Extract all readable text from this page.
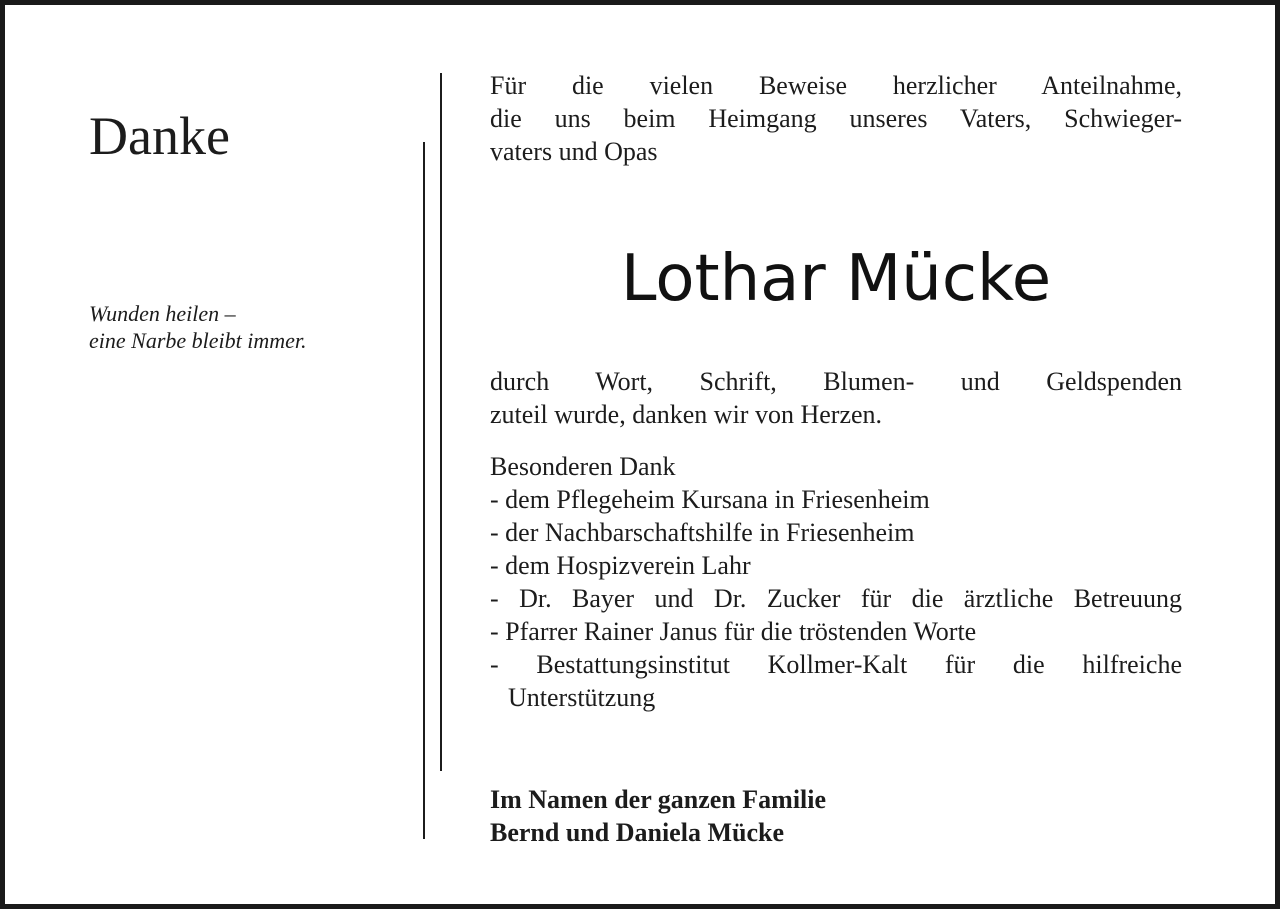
Danke
Wunden heilen –
eine Narbe bleibt immer.
Für die vielen Beweise herzlicher Anteilnahme,
die uns beim Heimgang unseres Vaters, Schwieger-
vaters und Opas
Lothar Mücke
durch Wort, Schrift, Blumen- und Geldspenden
zuteil wurde, danken wir von Herzen.
Besonderen Dank
- dem Pflegeheim Kursana in Friesenheim
- der Nachbarschaftshilfe in Friesenheim
- dem Hospizverein Lahr
- Dr. Bayer und Dr. Zucker für die ärztliche Betreuung
- Pfarrer Rainer Janus für die tröstenden Worte
- Bestattungsinstitut Kollmer-Kalt für die hilfreiche
Unterstützung
Im Namen der ganzen Familie
Bernd und Daniela Mücke
